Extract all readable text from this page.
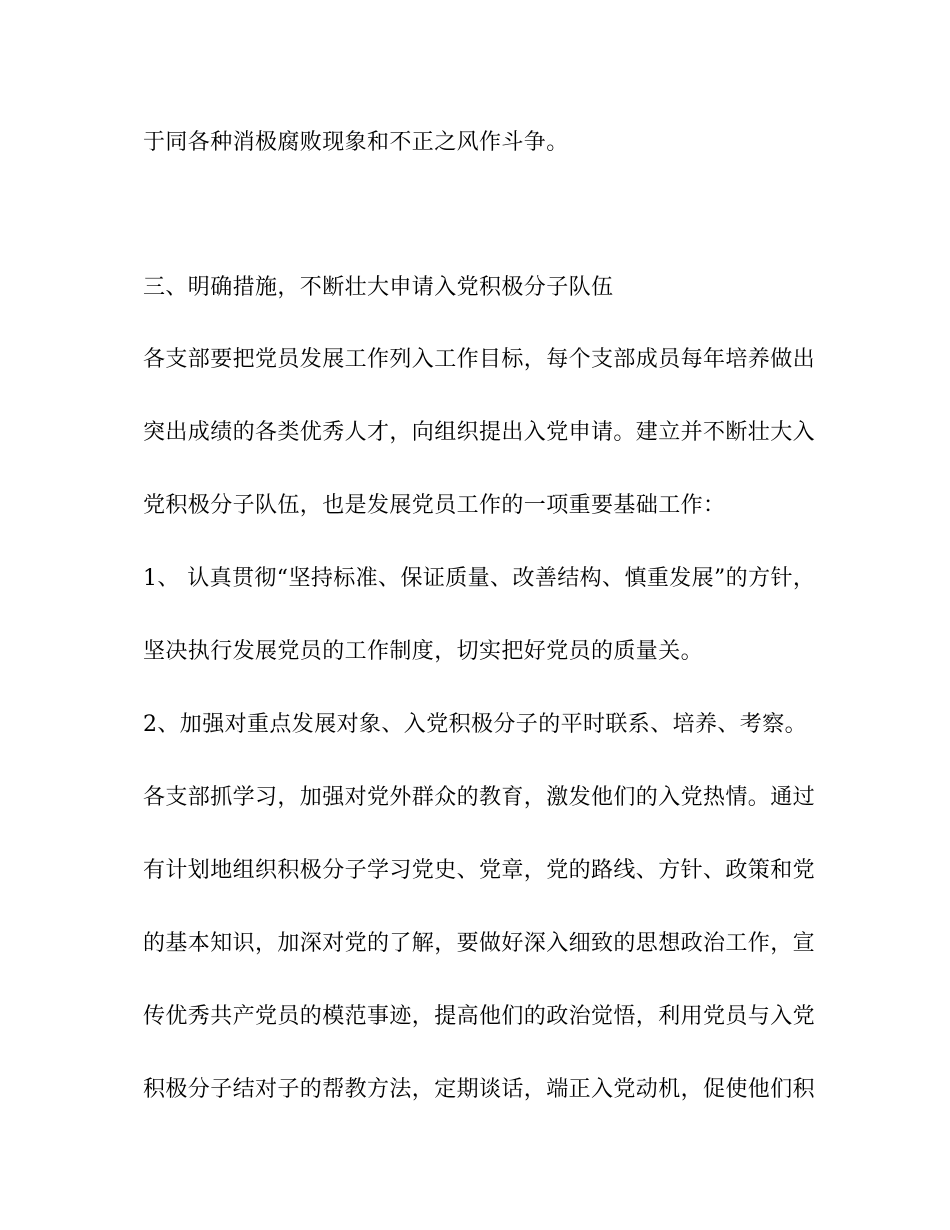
于同各种消极腐败现象和不正之风作斗争。
三、明确措施，不断壮大申请入党积极分子队伍
各支部要把党员发展工作列入工作目标，每个支部成员每年培养做出
突出成绩的各类优秀人才，向组织提出入党申请。建立并不断壮大入
党积极分子队伍，也是发展党员工作的一项重要基础工作：
1、 认真贯彻“坚持标准、保证质量、改善结构、慎重发展”的方针，
坚决执行发展党员的工作制度，切实把好党员的质量关。
2、加强对重点发展对象、入党积极分子的平时联系、培养、考察。
各支部抓学习，加强对党外群众的教育，激发他们的入党热情。通过
有计划地组织积极分子学习党史、党章，党的路线、方针、政策和党
的基本知识，加深对党的了解，要做好深入细致的思想政治工作，宣
传优秀共产党员的模范事迹，提高他们的政治觉悟，利用党员与入党
积极分子结对子的帮教方法，定期谈话，端正入党动机，促使他们积
